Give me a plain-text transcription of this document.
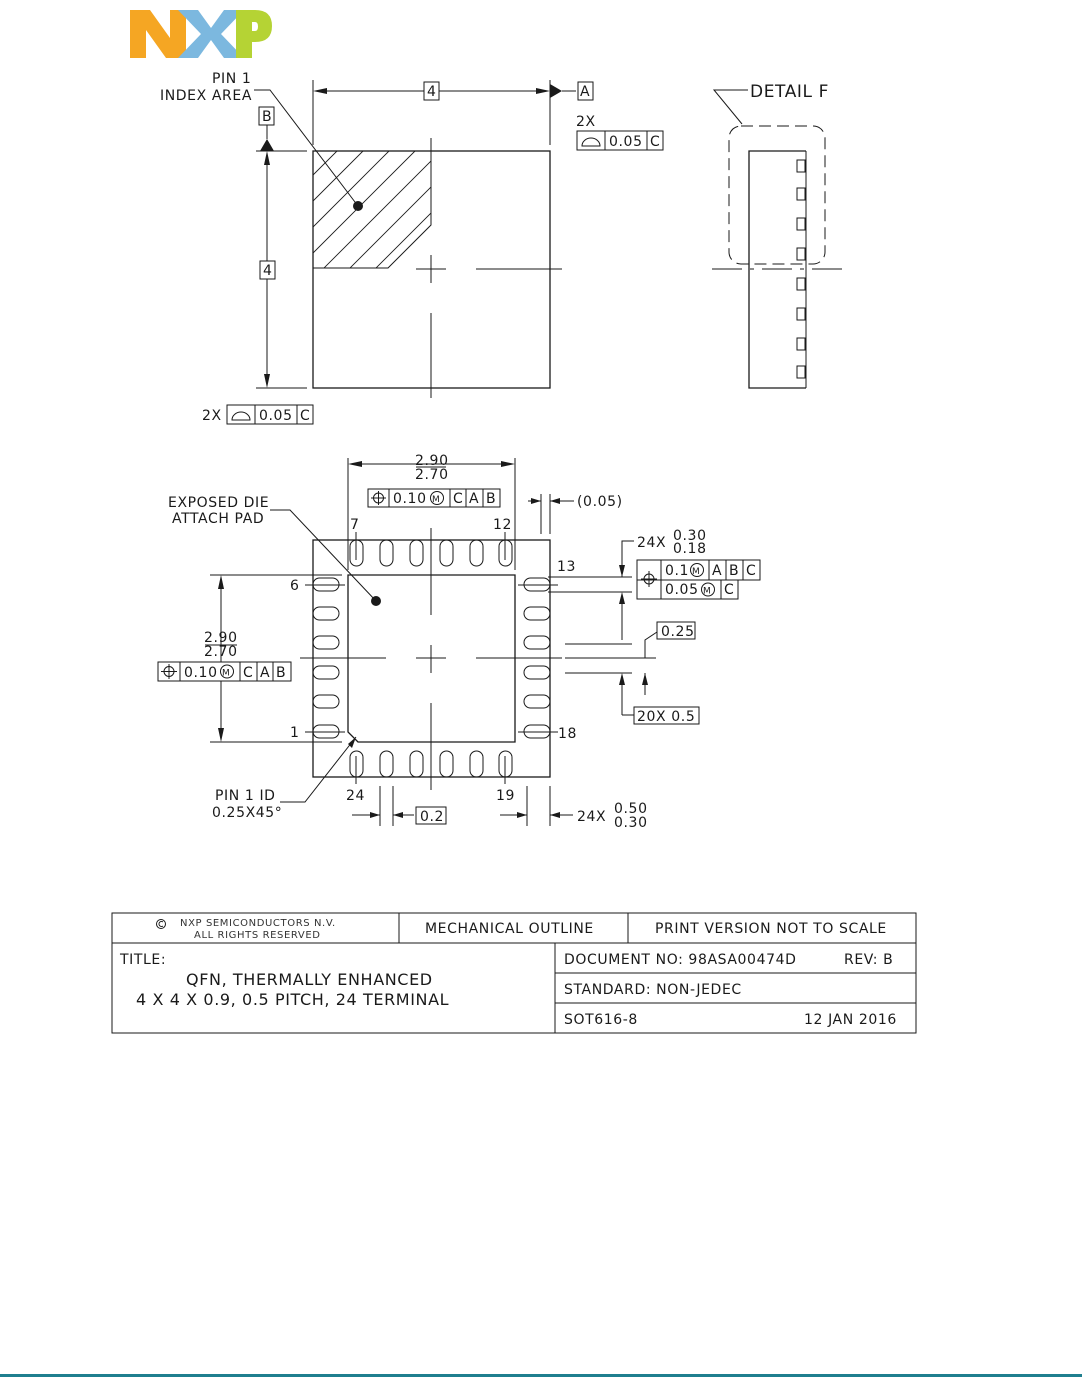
PIN 1
INDEX AREA	4
4
A
B	2X
0.05 C
2X	0.05 C
DETAIL F
M
M
M
M
EXPOSED DIE
ATTACH PAD
2.90
2.70
2.90
2.70
0.10 C A B
0.10 C A B
(0.05)
7	12
13
6
1	18
24	19
24X 0.30
0.18
0.1 A B C
0.05 C
0.25
20X 0.5
PIN 1 ID
0.25X45°	0.2	24X 0.50
0.30
NXP SEMICONDUCTORS N.V.
ALL RIGHTS RESERVED	MECHANICAL OUTLINE	PRINT VERSION NOT TO SCALE
TITLE:
QFN, THERMALLY ENHANCED
4 X 4 X 0.9, 0.5 PITCH, 24 TERMINAL
DOCUMENT NO: 98ASA00474D	REV: B
STANDARD: NON-JEDEC
SOT616-8	12 JAN 2016
